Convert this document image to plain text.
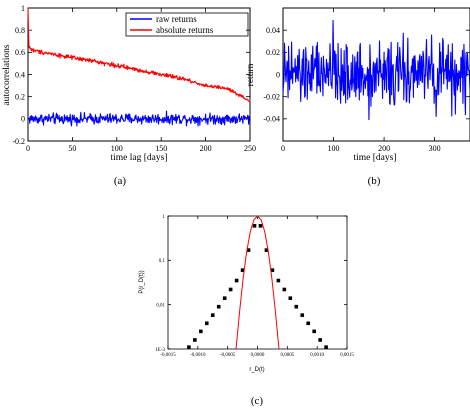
time lag [days]
autocorrelations
raw returns
absolute returns
0	50	100	150	200	250
-0.2
0
0.2
0.4
0.6
0.8
1
(a)
time [days]
return
0	100	200	300
-0.04
-0.02
0
0.02
0.04
(b)
r_D(t)
P(r_D(t))
-0,0015	-0,0010	-0,0005	0,0000	0,0005	0,0010	0,0015
1E-3
0,01
0,1
1
(c)
